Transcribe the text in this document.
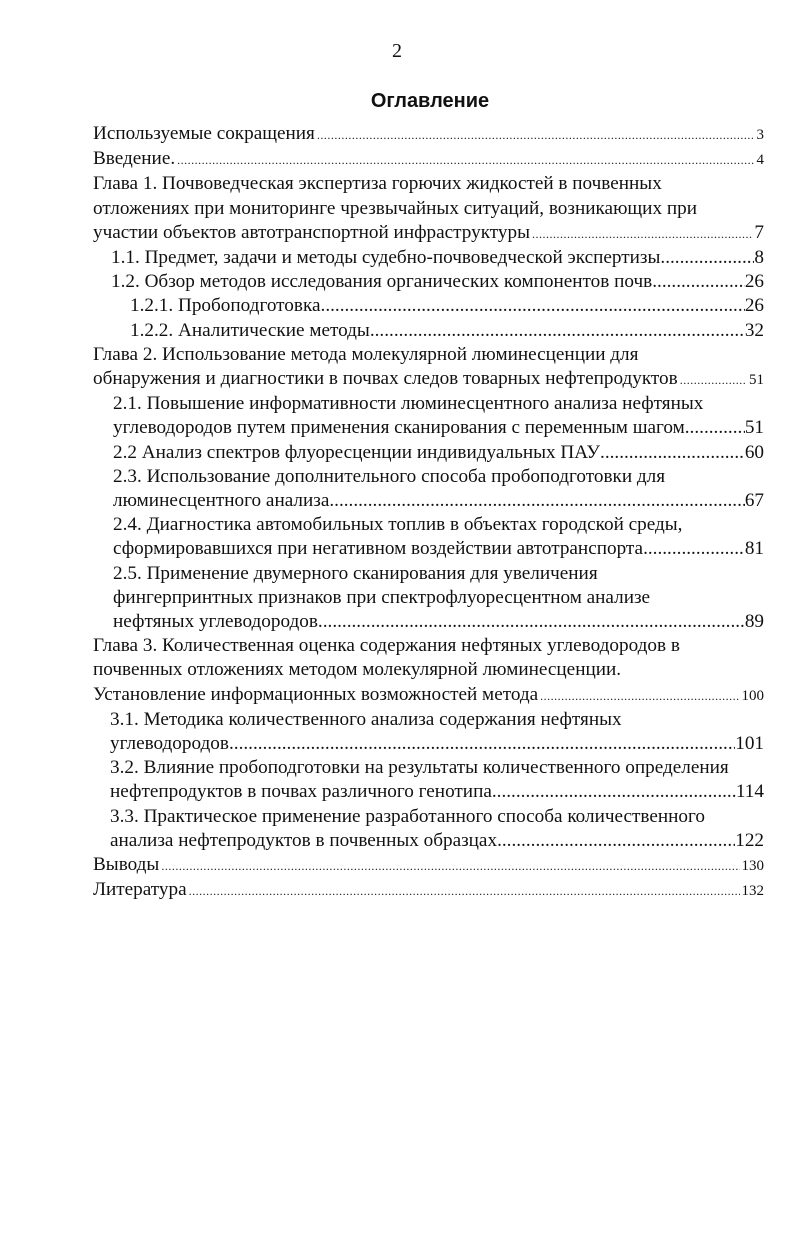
2
Оглавление
Используемые сокращения .....	3
Введение. .....	4
Глава 1. Почвоведческая экспертиза горючих жидкостей в почвенных
отложениях при мониторинге чрезвычайных ситуаций, возникающих при
участии объектов автотранспортной инфраструктуры .....	7
1.1. Предмет, задачи и методы судебно-почвоведческой экспертизы .....	8
1.2. Обзор методов исследования органических компонентов почв. .....	26
1.2.1. Пробоподготовка .....	26
1.2.2. Аналитические методы .....	32
Глава 2. Использование метода молекулярной люминесценции для
обнаружения и диагностики в почвах следов товарных нефтепродуктов .....	51
2.1. Повышение информативности люминесцентного анализа нефтяных
углеводородов путем применения сканирования с переменным шагом. .....	51
2.2 Анализ спектров флуоресценции индивидуальных ПАУ .....	60
2.3. Использование дополнительного способа пробоподготовки для
люминесцентного анализа .....	67
2.4. Диагностика автомобильных топлив в объектах городской среды,
сформировавшихся при негативном воздействии автотранспорта .....	81
2.5. Применение двумерного сканирования для увеличения
фингерпринтных признаков при спектрофлуоресцентном анализе
нефтяных углеводородов .....	89
Глава 3. Количественная оценка содержания нефтяных углеводородов в
почвенных отложениях методом молекулярной люминесценции.
Установление информационных возможностей метода .....	100
3.1. Методика количественного анализа содержания нефтяных
углеводородов .....	101
3.2. Влияние пробоподготовки на результаты количественного определения
нефтепродуктов в почвах различного генотипа. .....	114
3.3. Практическое применение разработанного способа количественного
анализа нефтепродуктов в почвенных образцах .....	122
Выводы .....	130
Литература .....	132
